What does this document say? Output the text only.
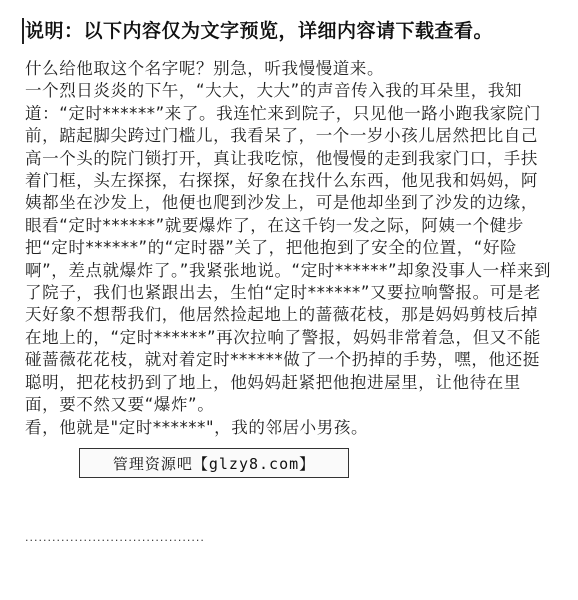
说明：以下内容仅为文字预览，详细内容请下载查看。

什么给他取这个名字呢？别急，听我慢慢道来。

一个烈日炎炎的下午，“大大，大大”的声音传入我的耳朵里，我知道：“定时******”来了。我连忙来到院子，只见他一路小跑我家院门前，踮起脚尖跨过门槛儿，我看呆了，一个一岁小孩儿居然把比自己高一个头的院门锁打开，真让我吃惊，他慢慢的走到我家门口，手扶着门框，头左探探，右探探，好象在找什么东西，他见我和妈妈，阿姨都坐在沙发上，他便也爬到沙发上，可是他却坐到了沙发的边缘，眼看“定时******”就要爆炸了，在这千钧一发之际，阿姨一个健步把“定时******”的“定时器”关了，把他抱到了安全的位置，“好险啊”，差点就爆炸了。”我紧张地说。“定时******”却象没事人一样来到了院子，我们也紧跟出去，生怕“定时******”又要拉响警报。可是老天好象不想帮我们，他居然捡起地上的蔷薇花枝，那是妈妈剪枝后掉在地上的，“定时******”再次拉响了警报，妈妈非常着急，但又不能碰蔷薇花花枝，就对着定时******做了一个扔掉的手势，嘿，他还挺聪明，把花枝扔到了地上，他妈妈赶紧把他抱进屋里，让他待在里面，要不然又要“爆炸”。

看，他就是"定时******"，我的邻居小男孩。

········································
管理资源吧【glzy8.com】
